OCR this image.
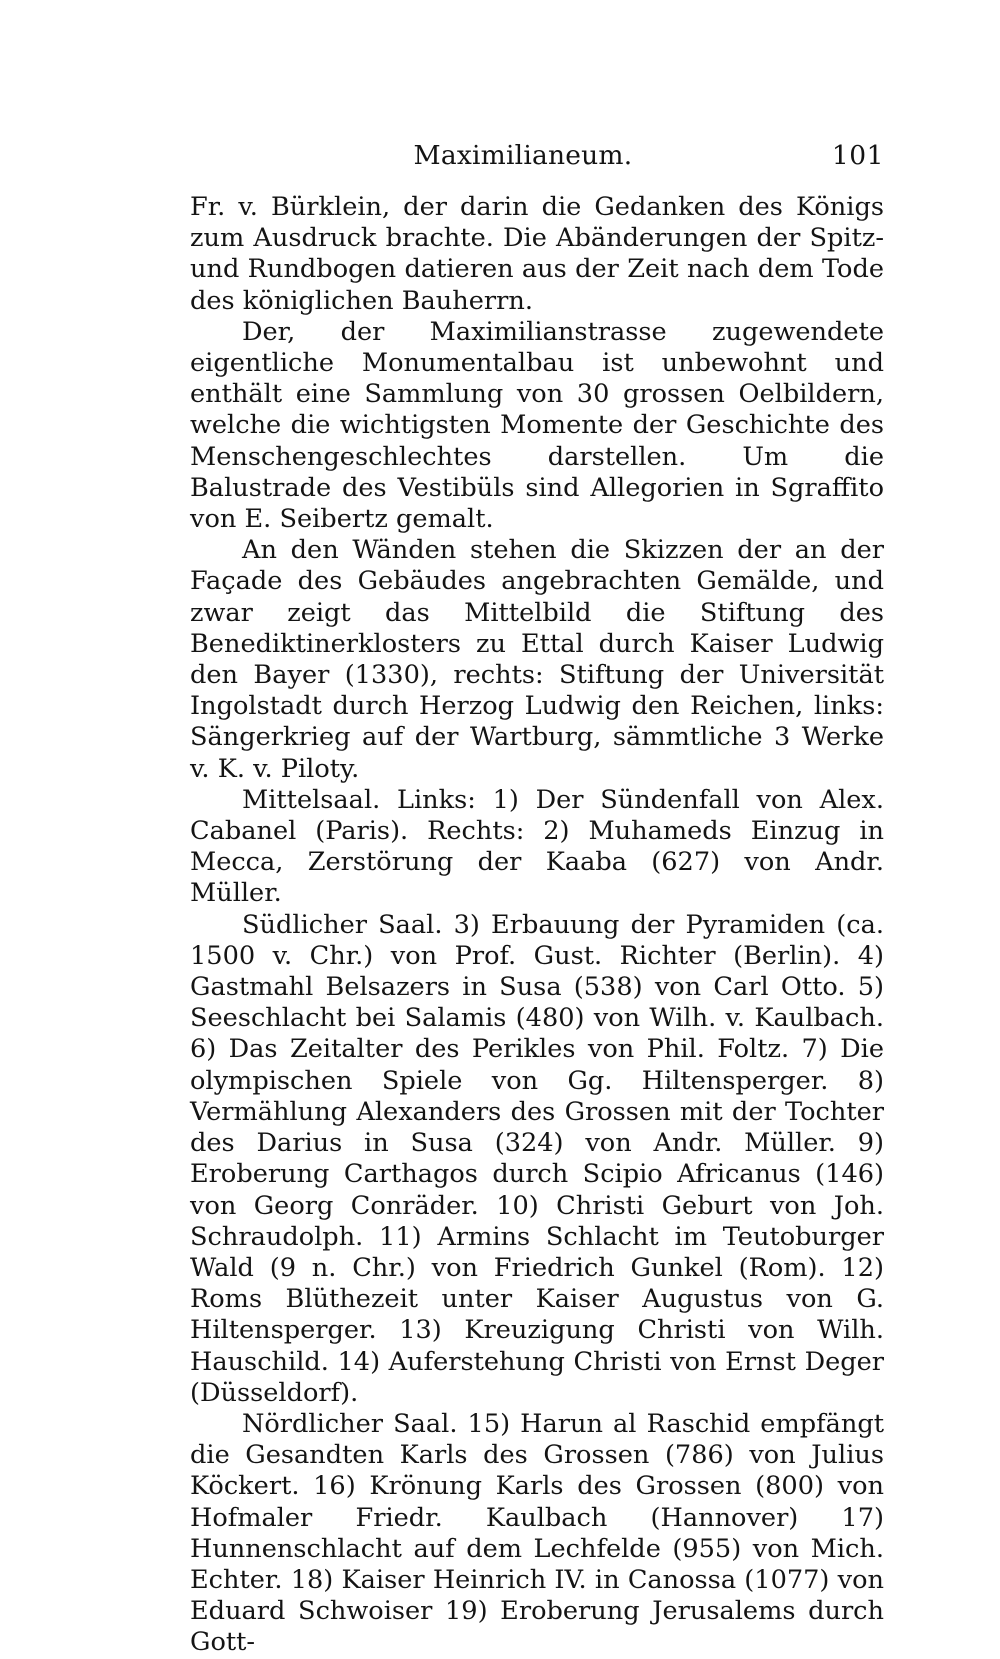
Maximilianeum.	101

Fr. v. Bürklein, der darin die Gedanken des Königs zum Ausdruck brachte. Die Abänderungen der Spitz- und Rundbogen datieren aus der Zeit nach dem Tode des königlichen Bauherrn.

Der, der Maximilianstrasse zugewendete eigentliche Monumentalbau ist unbewohnt und enthält eine Sammlung von 30 grossen Oelbildern, welche die wichtigsten Momente der Geschichte des Menschengeschlechtes darstellen. Um die Balustrade des Vestibüls sind Allegorien in Sgraffito von E. Seibertz gemalt.

An den Wänden stehen die Skizzen der an der Façade des Gebäudes angebrachten Gemälde, und zwar zeigt das Mittelbild die Stiftung des Benediktinerklosters zu Ettal durch Kaiser Ludwig den Bayer (1330), rechts: Stiftung der Universität Ingolstadt durch Herzog Ludwig den Reichen, links: Sängerkrieg auf der Wartburg, sämmtliche 3 Werke v. K. v. Piloty.

Mittelsaal. Links: 1) Der Sündenfall von Alex. Cabanel (Paris). Rechts: 2) Muhameds Einzug in Mecca, Zerstörung der Kaaba (627) von Andr. Müller.

Südlicher Saal. 3) Erbauung der Pyramiden (ca. 1500 v. Chr.) von Prof. Gust. Richter (Berlin). 4) Gastmahl Belsazers in Susa (538) von Carl Otto. 5) Seeschlacht bei Salamis (480) von Wilh. v. Kaulbach. 6) Das Zeitalter des Perikles von Phil. Foltz. 7) Die olympischen Spiele von Gg. Hiltensperger. 8) Vermählung Alexanders des Grossen mit der Tochter des Darius in Susa (324) von Andr. Müller. 9) Eroberung Carthagos durch Scipio Africanus (146) von Georg Conräder. 10) Christi Geburt von Joh. Schraudolph. 11) Armins Schlacht im Teutoburger Wald (9 n. Chr.) von Friedrich Gunkel (Rom). 12) Roms Blüthezeit unter Kaiser Augustus von G. Hiltensperger. 13) Kreuzigung Christi von Wilh. Hauschild. 14) Auferstehung Christi von Ernst Deger (Düsseldorf).

Nördlicher Saal. 15) Harun al Raschid empfängt die Gesandten Karls des Grossen (786) von Julius Köckert. 16) Krönung Karls des Grossen (800) von Hofmaler Friedr. Kaulbach (Hannover) 17) Hunnenschlacht auf dem Lechfelde (955) von Mich. Echter. 18) Kaiser Heinrich IV. in Canossa (1077) von Eduard Schwoiser 19) Eroberung Jerusalems durch Gott-
